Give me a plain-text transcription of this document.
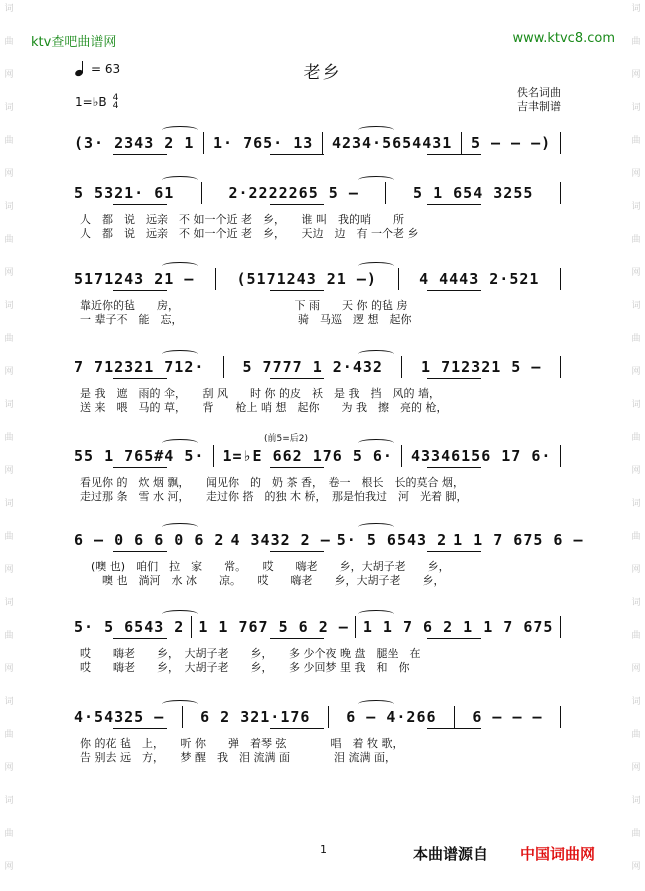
ktv查吧曲谱网	www.ktvc8.com
词
曲
网
词
曲
网
词
曲
网
词
曲
网
词
曲
网
词
曲
网
词
曲
网
词
曲
网
词
曲
网
词
曲
网
词
曲
网
词
曲
网
词
曲
网
词
曲
网
词
曲
网
词
曲
网
词
曲
网
词
曲
网
老乡
= 63
1=♭B 4
4
佚名词曲
吉聿制谱
(3· 2343 2 1 1· 765· 13 4234·5654431 5 — — —)
5 5321· 61	2·2222265 5 —	5 1 654 3255
人　都　说　远亲　不 如一个近 老　乡，　　谁 叫　我的哨　　所
人　都　说　远亲　不 如一个近 老　乡，　　天边　边　有 一个老 乡
5171243 21 —	(5171243 21 —)	4 4443 2·521
靠近你的毡　　房，　　　　　　　　　　　下 雨　　天 你 的毡 房
一 辈子不　能　忘，　　　　　　　　　　　骑　马巡　逻 想　起你
7 712321 712·	5 7777 1 2·432	1 712321 5 —
是 我　遮　雨的 伞，　　刮 风　　时 你 的皮　袄　是 我　挡　风的 墙，
送 来　喂　马的 草，　　背　　枪上 哨 想　起你　　为 我　擦　亮的 枪，
55 1 765#4 5· 1=♭E 662 176 5 6· 43346156 17 6·
(前5=后2)
看见你 的　炊 烟 飘，　　闻见你　的　奶 茶 香，　卷一　根长　长的莫合 烟，
走过那 条　雪 水 河，　　走过你 搭　的独 木 桥，　那是怕我过　河　光着 脚，
6 — 0 6 6 0 6 2 4 3432 2 — 5· 5 6543 2 1 1 7 675 6 —
　(噢 也)　咱们　拉　家　　常。　　哎　　嗨老　　乡，大胡子老　　乡，
　　噢 也　淌河　水 冰　　凉。　　哎　　嗨老　　乡，大胡子老　　乡，
5· 5 6543 2 1 1 767 5 6 2 — 1 1 7 6 2 1 1 7 675
哎　　嗨老　　乡，　大胡子老　　乡，　　多 少个夜 晚 盘　腿坐　在
哎　　嗨老　　乡，　大胡子老　　乡，　　多 少回梦 里 我　和　你
4·54325 — 6 2 321·176 6 — 4·266 6 — — —
你 的花 毡　上，　　听 你　　弹　着琴 弦　　　　唱　着 牧 歌，
告 别去 远　方，　　梦 醒　我　泪 流满 面　　　　泪 流满 面，
1	本曲谱源自 中国词曲网
